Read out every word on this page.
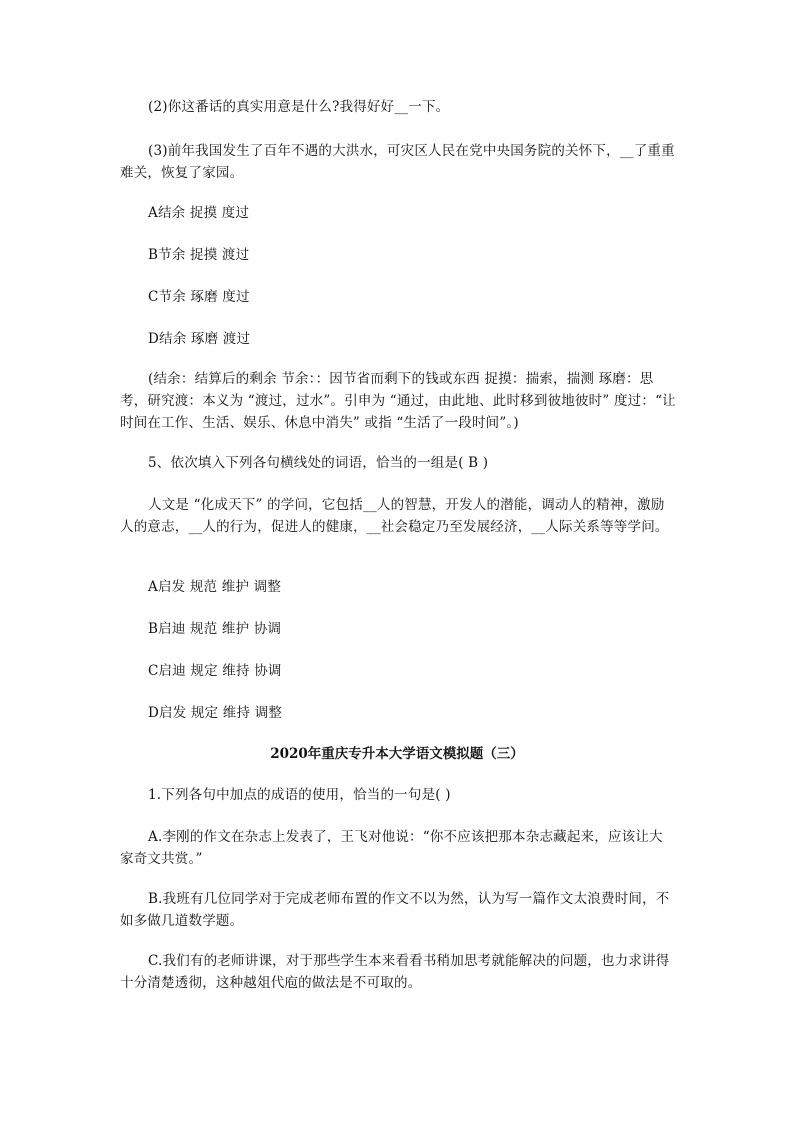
(2)你这番话的真实用意是什么?我得好好__一下。
(3)前年我国发生了百年不遇的大洪水，可灾区人民在党中央国务院的关怀下，__了重重难关，恢复了家园。
A结余 捉摸 度过
B节余 捉摸 渡过
C节余 琢磨 度过
D结余 琢磨 渡过
(结余：结算后的剩余 节余：：因节省而剩下的钱或东西 捉摸：揣索，揣测 琢磨：思考，研究渡：本义为 “渡过，过水”。引申为 “通过，由此地、此时移到彼地彼时” 度过：“让时间在工作、生活、娱乐、休息中消失” 或指 “生活了一段时间”。)
5、依次填入下列各句横线处的词语，恰当的一组是( B )
人文是 “化成天下” 的学问，它包括__人的智慧，开发人的潜能，调动人的精神，激励人的意志，__人的行为，促进人的健康，__社会稳定乃至发展经济，__人际关系等等学问。
A启发 规范 维护 调整
B启迪 规范 维护 协调
C启迪 规定 维持 协调
D启发 规定 维持 调整
2020年重庆专升本大学语文模拟题（三）
1.下列各句中加点的成语的使用，恰当的一句是( )
A.李刚的作文在杂志上发表了，王飞对他说：“你不应该把那本杂志藏起来，应该让大家奇文共赏。”
B.我班有几位同学对于完成老师布置的作文不以为然，认为写一篇作文太浪费时间，不如多做几道数学题。
C.我们有的老师讲课，对于那些学生本来看看书稍加思考就能解决的问题，也力求讲得十分清楚透彻，这种越俎代庖的做法是不可取的。
